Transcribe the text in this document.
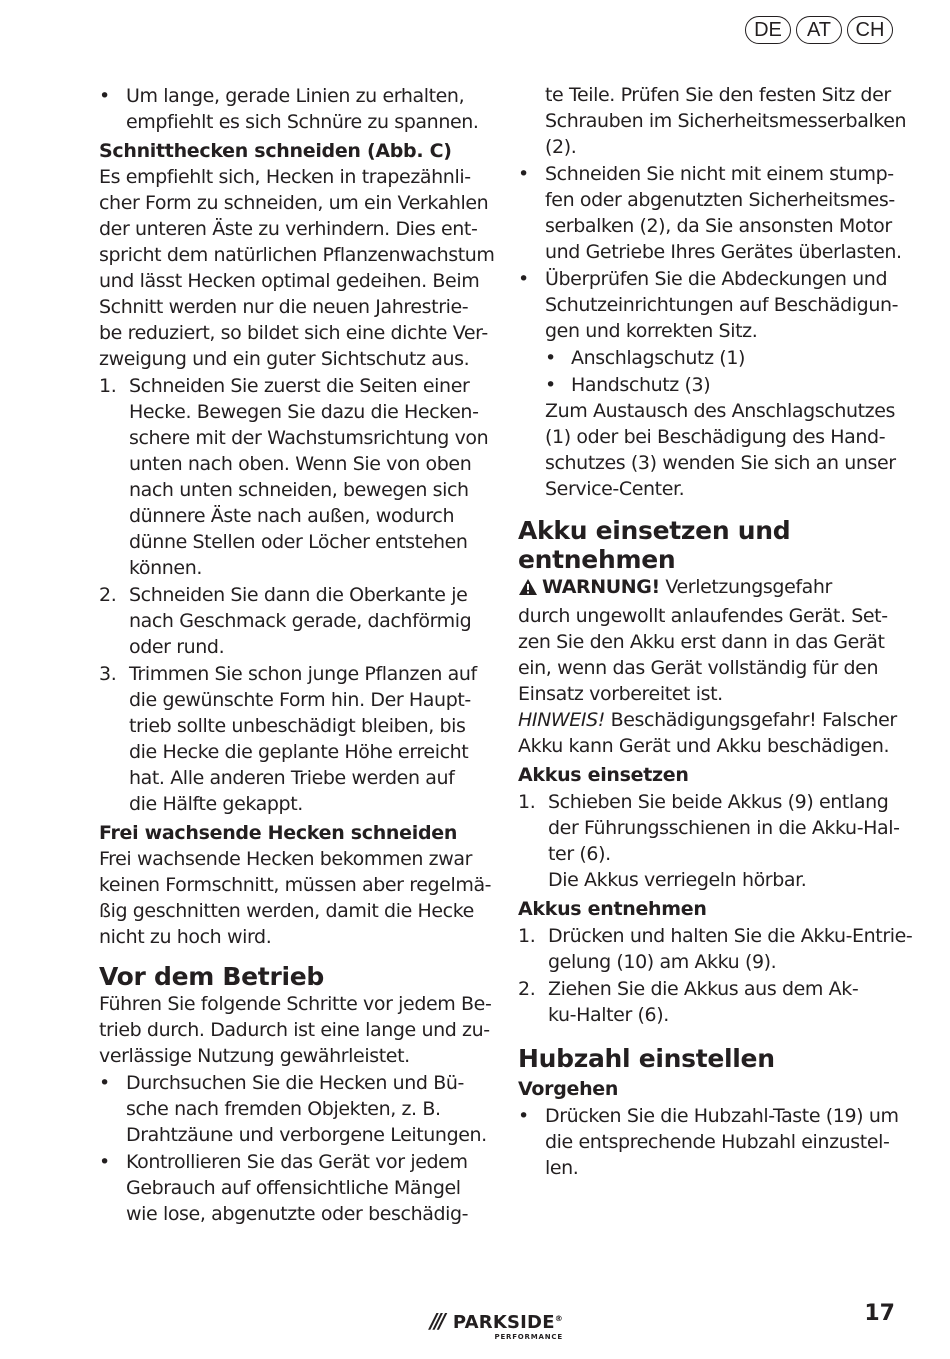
DE	AT	CH
• Um lange, gerade Linien zu erhalten,
empfiehlt es sich Schnüre zu spannen.
Schnitthecken schneiden (Abb. C)
Es empfiehlt sich, Hecken in trapezähnli-
cher Form zu schneiden, um ein Verkahlen
der unteren Äste zu verhindern. Dies ent-
spricht dem natürlichen Pflanzenwachstum
und lässt Hecken optimal gedeihen. Beim
Schnitt werden nur die neuen Jahrestrie-
be reduziert, so bildet sich eine dichte Ver-
zweigung und ein guter Sichtschutz aus.
1. Schneiden Sie zuerst die Seiten einer
Hecke. Bewegen Sie dazu die Hecken-
schere mit der Wachstumsrichtung von
unten nach oben. Wenn Sie von oben
nach unten schneiden, bewegen sich
dünnere Äste nach außen, wodurch
dünne Stellen oder Löcher entstehen
können.
2. Schneiden Sie dann die Oberkante je
nach Geschmack gerade, dachförmig
oder rund.
3. Trimmen Sie schon junge Pflanzen auf
die gewünschte Form hin. Der Haupt-
trieb sollte unbeschädigt bleiben, bis
die Hecke die geplante Höhe erreicht
hat. Alle anderen Triebe werden auf
die Hälfte gekappt.
Frei wachsende Hecken schneiden
Frei wachsende Hecken bekommen zwar
keinen Formschnitt, müssen aber regelmä-
ßig geschnitten werden, damit die Hecke
nicht zu hoch wird.
Vor dem Betrieb
Führen Sie folgende Schritte vor jedem Be-
trieb durch. Dadurch ist eine lange und zu-
verlässige Nutzung gewährleistet.
• Durchsuchen Sie die Hecken und Bü-
sche nach fremden Objekten, z. B.
Drahtzäune und verborgene Leitungen.
• Kontrollieren Sie das Gerät vor jedem
Gebrauch auf offensichtliche Mängel
wie lose, abgenutzte oder beschädig-
te Teile. Prüfen Sie den festen Sitz der
Schrauben im Sicherheitsmesserbalken
(2).
• Schneiden Sie nicht mit einem stump-
fen oder abgenutzten Sicherheitsmes-
serbalken (2), da Sie ansonsten Motor
und Getriebe Ihres Gerätes überlasten.
• Überprüfen Sie die Abdeckungen und
Schutzeinrichtungen auf Beschädigun-
gen und korrekten Sitz.
• Anschlagschutz (1)
• Handschutz (3)
Zum Austausch des Anschlagschutzes
(1) oder bei Beschädigung des Hand-
schutzes (3) wenden Sie sich an unser
Service-Center.
Akku einsetzen und
entnehmen
WARNUNG! Verletzungsgefahr
durch ungewollt anlaufendes Gerät. Set-
zen Sie den Akku erst dann in das Gerät
ein, wenn das Gerät vollständig für den
Einsatz vorbereitet ist.
HINWEIS! Beschädigungsgefahr! Falscher
Akku kann Gerät und Akku beschädigen.
Akkus einsetzen
1. Schieben Sie beide Akkus (9) entlang
der Führungsschienen in die Akku-Hal-
ter (6).
Die Akkus verriegeln hörbar.
Akkus entnehmen
1. Drücken und halten Sie die Akku-Entrie-
gelung (10) am Akku (9).
2. Ziehen Sie die Akkus aus dem Ak-
ku-Halter (6).
Hubzahl einstellen
Vorgehen
• Drücken Sie die Hubzahl-Taste (19) um
die entsprechende Hubzahl einzustel-
len.
/// PARKSIDE®
PERFORMANCE
17
